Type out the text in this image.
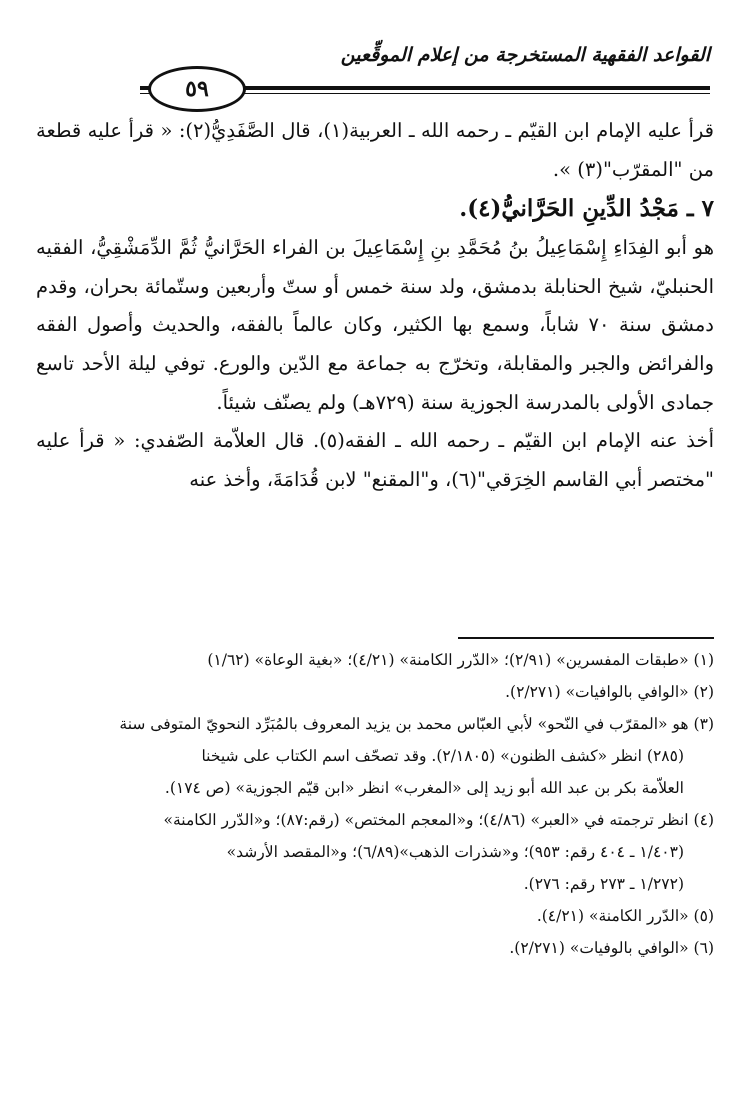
القواعد الفقهية المستخرجة من إعلام الموقِّعين
٥٩

قرأ عليه الإمام ابن القيّم ـ رحمه الله ـ العربية(١)، قال الصَّفَدِيُّ(٢): « قرأ عليه قطعة من "المقرّب"(٣) ».

٧ ـ مَجْدُ الدِّينِ الحَرَّانيُّ(٤).

هو أبو الفِدَاءِ إِسْمَاعِيلُ بنُ مُحَمَّدِ بنِ إِسْمَاعِيلَ بن الفراء الحَرَّانيُّ ثُمَّ الدِّمَشْقِيُّ، الفقيه الحنبليّ، شيخ الحنابلة بدمشق، ولد سنة خمس أو ستّ وأربعين وستّمائة بحران، وقدم دمشق سنة ٧٠ شاباً، وسمع بها الكثير، وكان عالماً بالفقه، والحديث وأصول الفقه والفرائض والجبر والمقابلة، وتخرّج به جماعة مع الدّين والورع. توفي ليلة الأحد تاسع جمادى الأولى بالمدرسة الجوزية سنة (٧٢٩هـ) ولم يصنّف شيئاً.

أخذ عنه الإمام ابن القيّم ـ رحمه الله ـ الفقه(٥). قال العلاّمة الصّفدي: « قرأ عليه "مختصر أبي القاسم الخِرَقي"(٦)، و"المقنع" لابن قُدَامَةَ، وأخذ عنه

(١) «طبقات المفسرين» (٢/٩١)؛ «الدّرر الكامنة» (٤/٢١)؛ «بغية الوعاة» (١/٦٢)

(٢) «الوافي بالوافيات» (٢/٢٧١).

(٣) هو «المقرّب في النّحو» لأبي العبّاس محمد بن يزيد المعروف بالمُبَرِّد النحويّ المتوفى سنة
(٢٨٥) انظر «كشف الظنون» (٢/١٨٠٥). وقد تصحّف اسم الكتاب على شيخنا
العلاّمة بكر بن عبد الله أبو زيد إلى «المغرب» انظر «ابن قيّم الجوزية» (ص ١٧٤).

(٤) انظر ترجمته في «العبر» (٤/٨٦)؛ و«المعجم المختص» (رقم:٨٧)؛ و«الدّرر الكامنة»
(١/٤٠٣ ـ ٤٠٤ رقم: ٩٥٣)؛ و«شذرات الذهب»(٦/٨٩)؛ و«المقصد الأرشد»
(١/٢٧٢ ـ ٢٧٣ رقم: ٢٧٦).

(٥) «الدّرر الكامنة» (٤/٢١).

(٦) «الوافي بالوفيات» (٢/٢٧١).
